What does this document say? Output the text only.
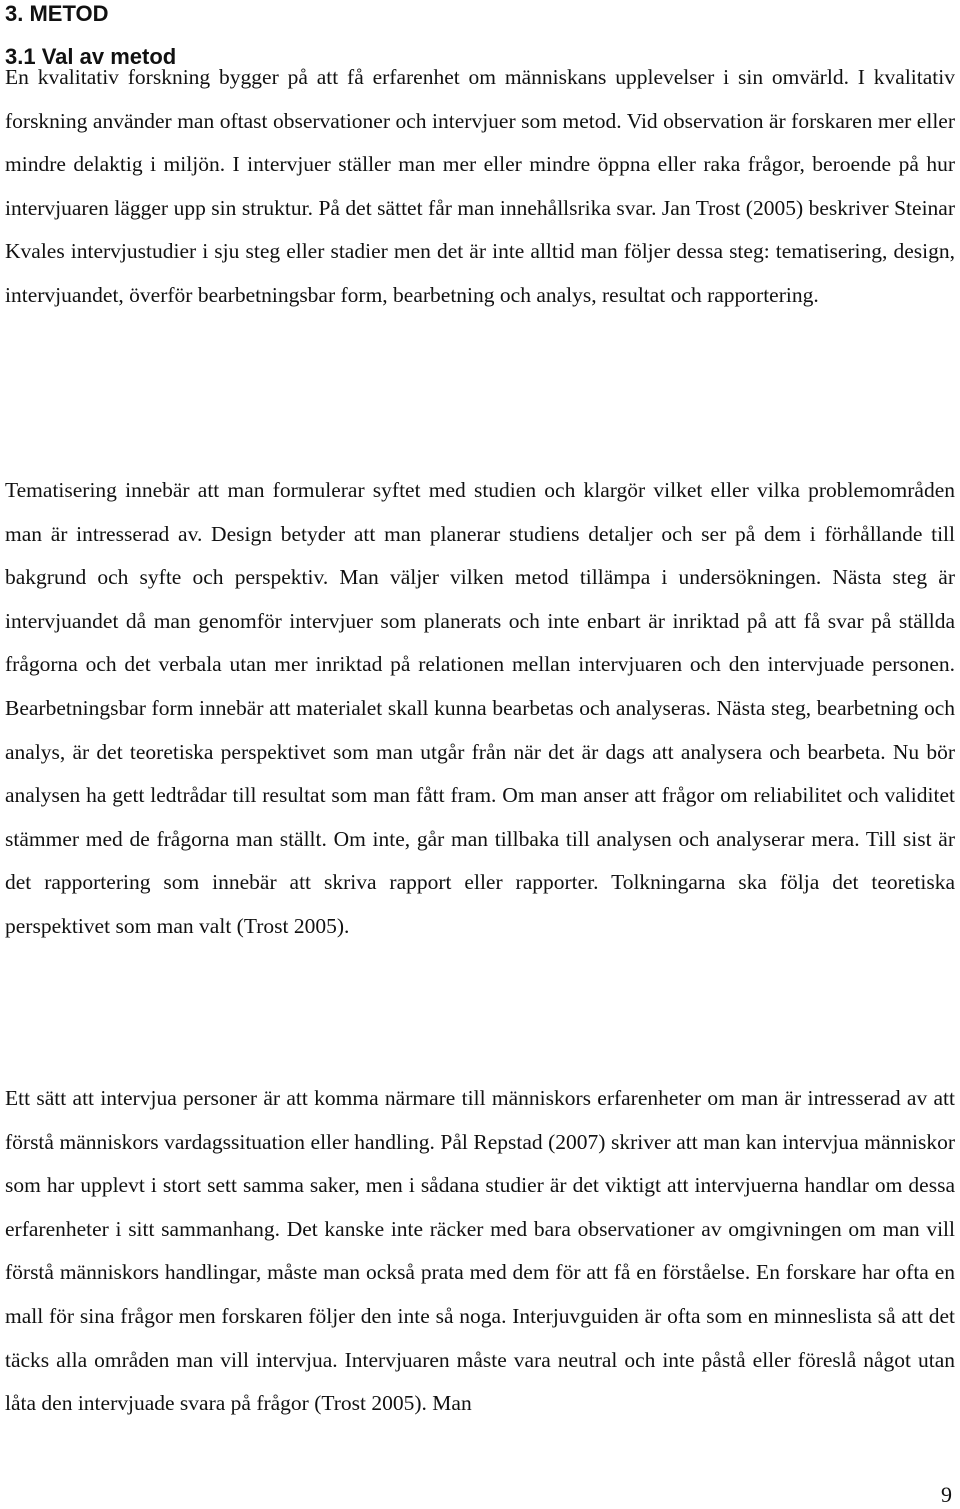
3. METOD
3.1 Val av metod

En kvalitativ forskning bygger på att få erfarenhet om människans upplevelser i sin omvärld. I kvalitativ forskning använder man oftast observationer och intervjuer som metod. Vid observation är forskaren mer eller mindre delaktig i miljön. I intervjuer ställer man mer eller mindre öppna eller raka frågor, beroende på hur intervjuaren lägger upp sin struktur. På det sättet får man innehållsrika svar. Jan Trost (2005) beskriver Steinar Kvales intervjustudier i sju steg eller stadier men det är inte alltid man följer dessa steg: tematisering, design, intervjuandet, överför bearbetningsbar form, bearbetning och analys, resultat och rapportering.

Tematisering innebär att man formulerar syftet med studien och klargör vilket eller vilka problemområden man är intresserad av. Design betyder att man planerar studiens detaljer och ser på dem i förhållande till bakgrund och syfte och perspektiv. Man väljer vilken metod tillämpa i undersökningen. Nästa steg är intervjuandet då man genomför intervjuer som planerats och inte enbart är inriktad på att få svar på ställda frågorna och det verbala utan mer inriktad på relationen mellan intervjuaren och den intervjuade personen. Bearbetningsbar form innebär att materialet skall kunna bearbetas och analyseras. Nästa steg, bearbetning och analys, är det teoretiska perspektivet som man utgår från när det är dags att analysera och bearbeta. Nu bör analysen ha gett ledtrådar till resultat som man fått fram. Om man anser att frågor om reliabilitet och validitet stämmer med de frågorna man ställt. Om inte, går man tillbaka till analysen och analyserar mera. Till sist är det rapportering som innebär att skriva rapport eller rapporter. Tolkningarna ska följa det teoretiska perspektivet som man valt (Trost 2005).

Ett sätt att intervjua personer är att komma närmare till människors erfarenheter om man är intresserad av att förstå människors vardagssituation eller handling. Pål Repstad (2007) skriver att man kan intervjua människor som har upplevt i stort sett samma saker, men i sådana studier är det viktigt att intervjuerna handlar om dessa erfarenheter i sitt sammanhang. Det kanske inte räcker med bara observationer av omgivningen om man vill förstå människors handlingar, måste man också prata med dem för att få en förståelse. En forskare har ofta en mall för sina frågor men forskaren följer den inte så noga. Interjuvguiden är ofta som en minneslista så att det täcks alla områden man vill intervjua. Intervjuaren måste vara neutral och inte påstå eller föreslå något utan låta den intervjuade svara på frågor (Trost 2005). Man

9
